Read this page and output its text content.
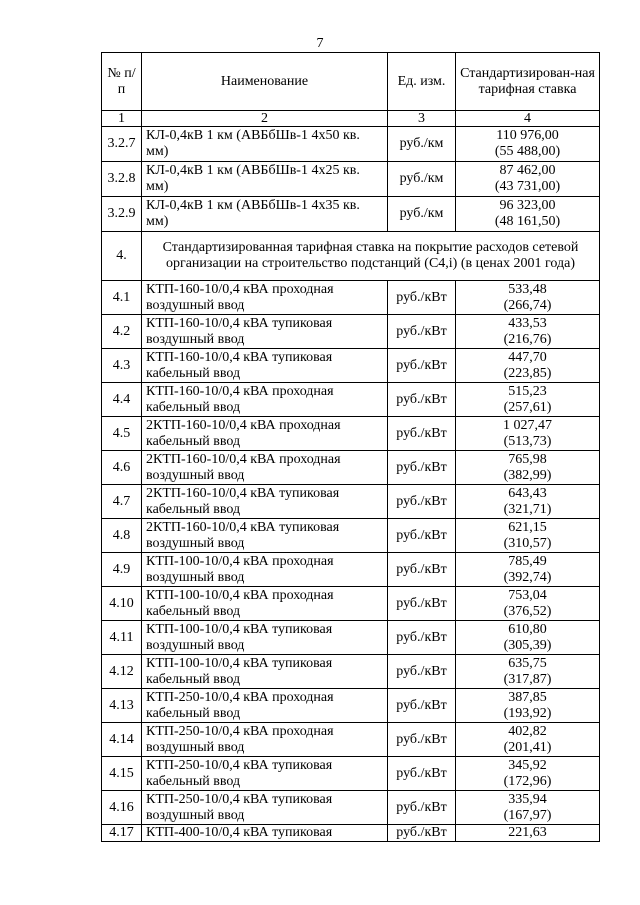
7
№ п/п	Наименование	Ед. изм.	Стандартизирован-ная тарифная ставка
1	2	3	4
3.2.7	КЛ-0,4кВ 1 км (АВБбШв-1 4х50 кв. мм)	руб./км	110 976,00
(55 488,00)

3.2.8	КЛ-0,4кВ 1 км (АВБбШв-1 4х25 кв. мм)	руб./км	87 462,00
(43 731,00)

3.2.9	КЛ-0,4кВ 1 км (АВБбШв-1 4х35 кв. мм)	руб./км	96 323,00
(48 161,50)

4.	Стандартизированная тарифная ставка на покрытие расходов сетевой организации на строительство подстанций (С4,i) (в ценах 2001 года)		
4.1	КТП-160-10/0,4 кВА проходная воздушный ввод	руб./кВт	533,48
(266,74)

4.2	КТП-160-10/0,4 кВА тупиковая воздушный ввод	руб./кВт	433,53
(216,76)

4.3	КТП-160-10/0,4 кВА тупиковая кабельный ввод	руб./кВт	447,70
(223,85)

4.4	КТП-160-10/0,4 кВА проходная кабельный ввод	руб./кВт	515,23
(257,61)

4.5	2КТП-160-10/0,4 кВА проходная кабельный ввод	руб./кВт	1 027,47
(513,73)

4.6	2КТП-160-10/0,4 кВА проходная воздушный ввод	руб./кВт	765,98
(382,99)

4.7	2КТП-160-10/0,4 кВА тупиковая кабельный ввод	руб./кВт	643,43
(321,71)

4.8	2КТП-160-10/0,4 кВА тупиковая воздушный ввод	руб./кВт	621,15
(310,57)

4.9	КТП-100-10/0,4 кВА проходная воздушный ввод	руб./кВт	785,49
(392,74)

4.10	КТП-100-10/0,4 кВА проходная кабельный ввод	руб./кВт	753,04
(376,52)

4.11	КТП-100-10/0,4 кВА тупиковая воздушный ввод	руб./кВт	610,80
(305,39)

4.12	КТП-100-10/0,4 кВА тупиковая кабельный ввод	руб./кВт	635,75
(317,87)

4.13	КТП-250-10/0,4 кВА проходная кабельный ввод	руб./кВт	387,85
(193,92)

4.14	КТП-250-10/0,4 кВА проходная воздушный ввод	руб./кВт	402,82
(201,41)

4.15	КТП-250-10/0,4 кВА тупиковая кабельный ввод	руб./кВт	345,92
(172,96)

4.16	КТП-250-10/0,4 кВА тупиковая воздушный ввод	руб./кВт	335,94
(167,97)

4.17	КТП-400-10/0,4 кВА тупиковая	руб./кВт	221,63
